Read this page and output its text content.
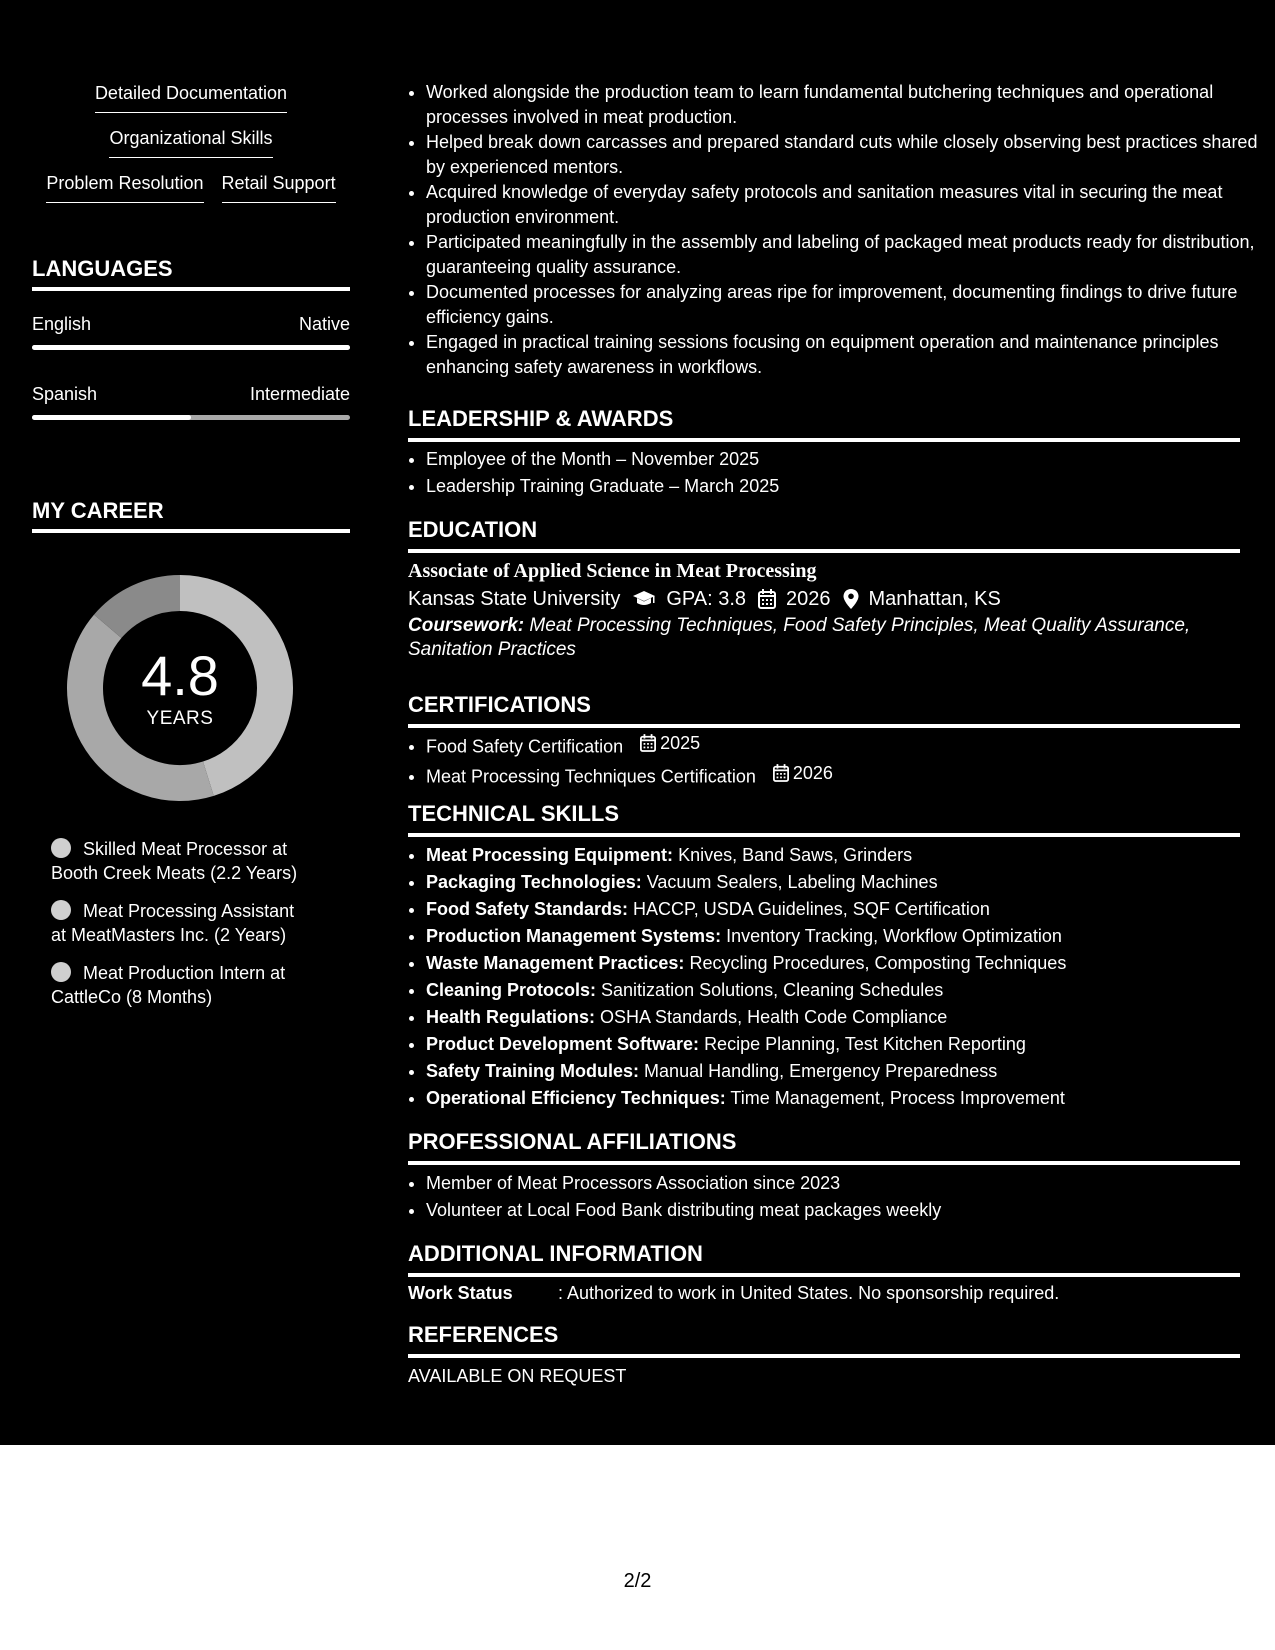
Detailed Documentation
Organizational Skills
Problem Resolution Retail Support
LANGUAGES
English	Native
Spanish	Intermediate
MY CAREER
4.8
YEARS
Skilled Meat Processor at
Booth Creek Meats (2.2 Years)
Meat Processing Assistant
at MeatMasters Inc. (2 Years)
Meat Production Intern at
CattleCo (8 Months)
• Worked alongside the production team to learn fundamental butchering techniques and operational processes involved in meat production.
• Helped break down carcasses and prepared standard cuts while closely observing best practices shared by experienced mentors.
• Acquired knowledge of everyday safety protocols and sanitation measures vital in securing the meat production environment.
• Participated meaningfully in the assembly and labeling of packaged meat products ready for distribution, guaranteeing quality assurance.
• Documented processes for analyzing areas ripe for improvement, documenting findings to drive future efficiency gains.
• Engaged in practical training sessions focusing on equipment operation and maintenance principles enhancing safety awareness in workflows.
LEADERSHIP & AWARDS
• Employee of the Month – November 2025
• Leadership Training Graduate – March 2025
EDUCATION
Associate of Applied Science in Meat Processing
Kansas State University GPA: 3.8 2026 Manhattan, KS
Coursework: Meat Processing Techniques, Food Safety Principles, Meat Quality Assurance, Sanitation Practices
CERTIFICATIONS
• Food Safety Certification 2025
• Meat Processing Techniques Certification 2026
TECHNICAL SKILLS
• Meat Processing Equipment: Knives, Band Saws, Grinders
• Packaging Technologies: Vacuum Sealers, Labeling Machines
• Food Safety Standards: HACCP, USDA Guidelines, SQF Certification
• Production Management Systems: Inventory Tracking, Workflow Optimization
• Waste Management Practices: Recycling Procedures, Composting Techniques
• Cleaning Protocols: Sanitization Solutions, Cleaning Schedules
• Health Regulations: OSHA Standards, Health Code Compliance
• Product Development Software: Recipe Planning, Test Kitchen Reporting
• Safety Training Modules: Manual Handling, Emergency Preparedness
• Operational Efficiency Techniques: Time Management, Process Improvement
PROFESSIONAL AFFILIATIONS
• Member of Meat Processors Association since 2023
• Volunteer at Local Food Bank distributing meat packages weekly
ADDITIONAL INFORMATION
Work Status	: Authorized to work in United States. No sponsorship required.
REFERENCES
AVAILABLE ON REQUEST
2/2
